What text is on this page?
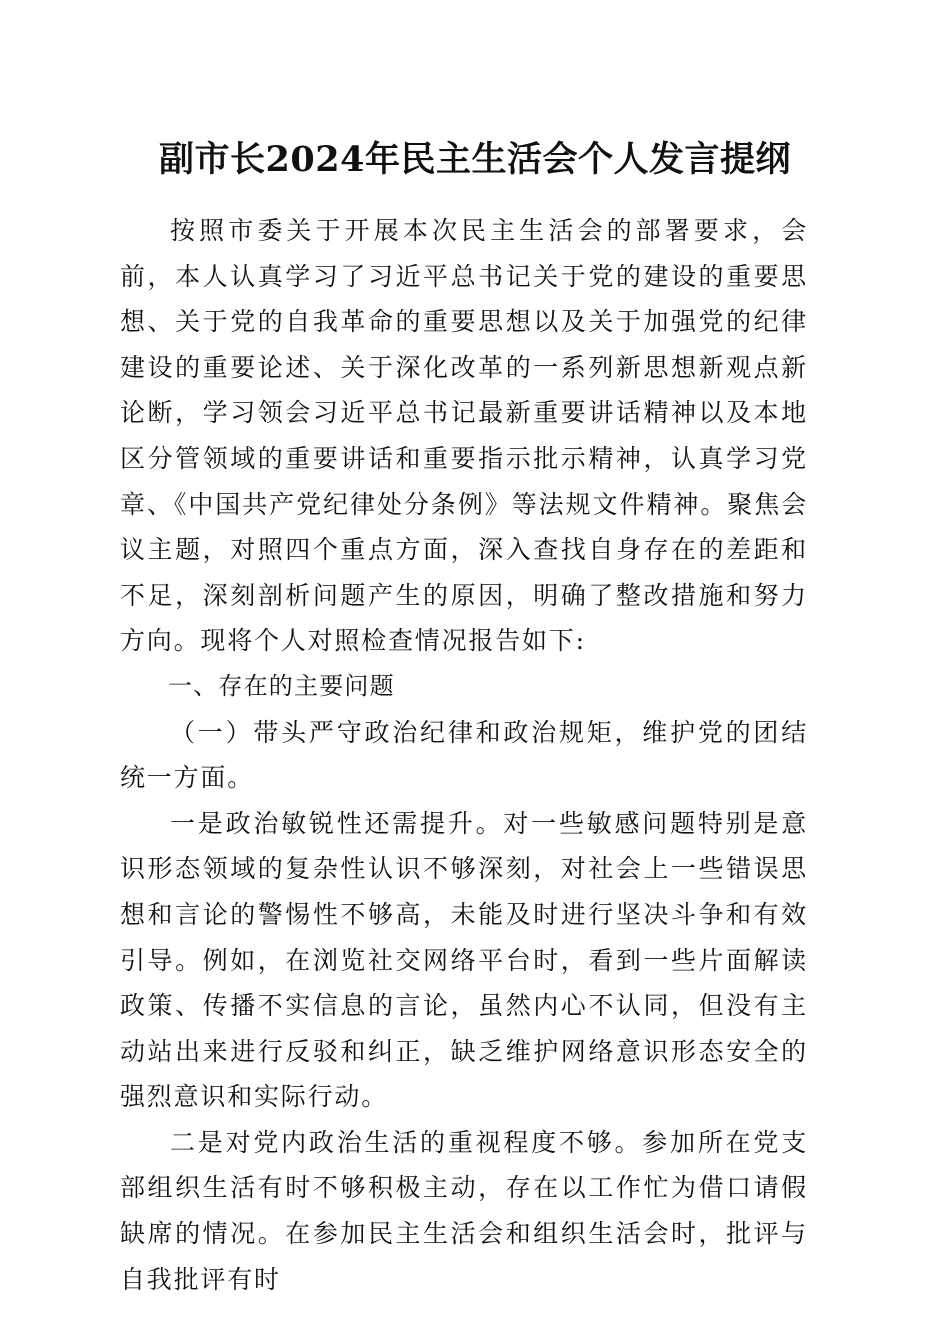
副市长2024年民主生活会个人发言提纲

按照市委关于开展本次民主生活会的部署要求，会前，本人认真学习了习近平总书记关于党的建设的重要思想、关于党的自我革命的重要思想以及关于加强党的纪律建设的重要论述、关于深化改革的一系列新思想新观点新论断，学习领会习近平总书记最新重要讲话精神以及本地区分管领域的重要讲话和重要指示批示精神，认真学习党章、《中国共产党纪律处分条例》等法规文件精神。聚焦会议主题，对照四个重点方面，深入查找自身存在的差距和不足，深刻剖析问题产生的原因，明确了整改措施和努力方向。现将个人对照检查情况报告如下:

一、存在的主要问题

（一）带头严守政治纪律和政治规矩，维护党的团结统一方面。

一是政治敏锐性还需提升。对一些敏感问题特别是意识形态领域的复杂性认识不够深刻，对社会上一些错误思想和言论的警惕性不够高，未能及时进行坚决斗争和有效引导。例如，在浏览社交网络平台时，看到一些片面解读政策、传播不实信息的言论，虽然内心不认同，但没有主动站出来进行反驳和纠正，缺乏维护网络意识形态安全的强烈意识和实际行动。

二是对党内政治生活的重视程度不够。参加所在党支部组织生活有时不够积极主动，存在以工作忙为借口请假缺席的情况。在参加民主生活会和组织生活会时，批评与自我批评有时
